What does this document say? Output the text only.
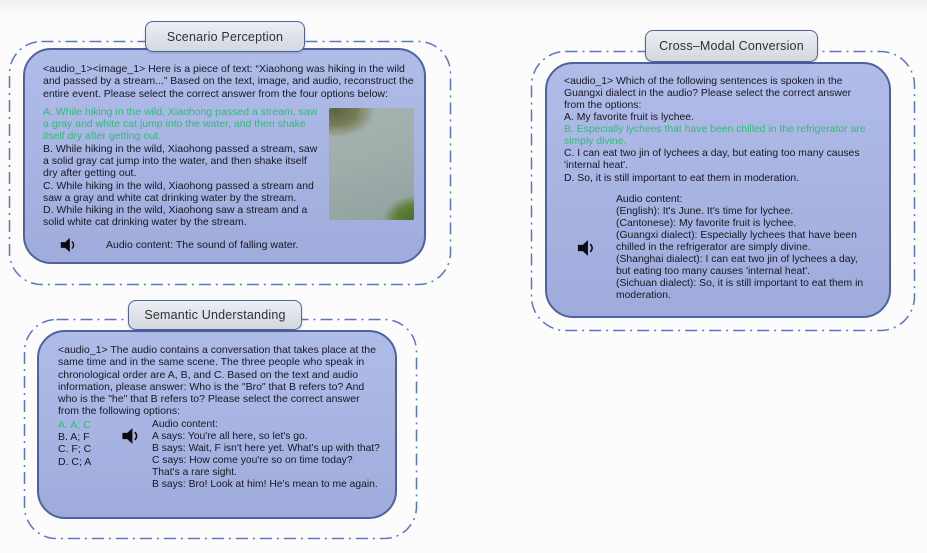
Scenario Perception
<audio_1><image_1> Here is a piece of text: “Xiaohong was hiking in the wild and passed by a stream...” Based on the text, image, and audio, reconstruct the entire event. Please select the correct answer from the four options below:
A. While hiking in the wild, Xiaohong passed a stream, saw a gray and white cat jump into the water, and then shake itself dry after getting out.
B. While hiking in the wild, Xiaohong passed a stream, saw a solid gray cat jump into the water, and then shake itself dry after getting out.
C. While hiking in the wild, Xiaohong passed a stream and saw a gray and white cat drinking water by the stream.
D. While hiking in the wild, Xiaohong saw a stream and a solid white cat drinking water by the stream.
Audio content: The sound of falling water.
Cross–Modal Conversion
<audio_1> Which of the following sentences is spoken in the Guangxi dialect in the audio? Please select the correct answer from the options:
A. My favorite fruit is lychee.
B. Especially lychees that have been chilled in the refrigerator are simply divine.
C. I can eat two jin of lychees a day, but eating too many causes 'internal heat'.
D. So, it is still important to eat them in moderation.
Audio content:
(English): It's June. It's time for lychee.
(Cantonese): My favorite fruit is lychee.
(Guangxi dialect): Especially lychees that have been chilled in the refrigerator are simply divine.
(Shanghai dialect): I can eat two jin of lychees a day, but eating too many causes 'internal heat'.
(Sichuan dialect): So, it is still important to eat them in moderation.
Semantic Understanding
<audio_1> The audio contains a conversation that takes place at the same time and in the same scene. The three people who speak in chronological order are A, B, and C. Based on the text and audio information, please answer: Who is the "Bro" that B refers to? And who is the "he" that B refers to? Please select the correct answer from the following options:
A. A; C
B. A; F
C. F; C
D. C; A
Audio content:
A says: You're all here, so let's go.
B says: Wait, F isn't here yet. What's up with that?
C says: How come you're so on time today?
That's a rare sight.
B says: Bro! Look at him! He's mean to me again.
